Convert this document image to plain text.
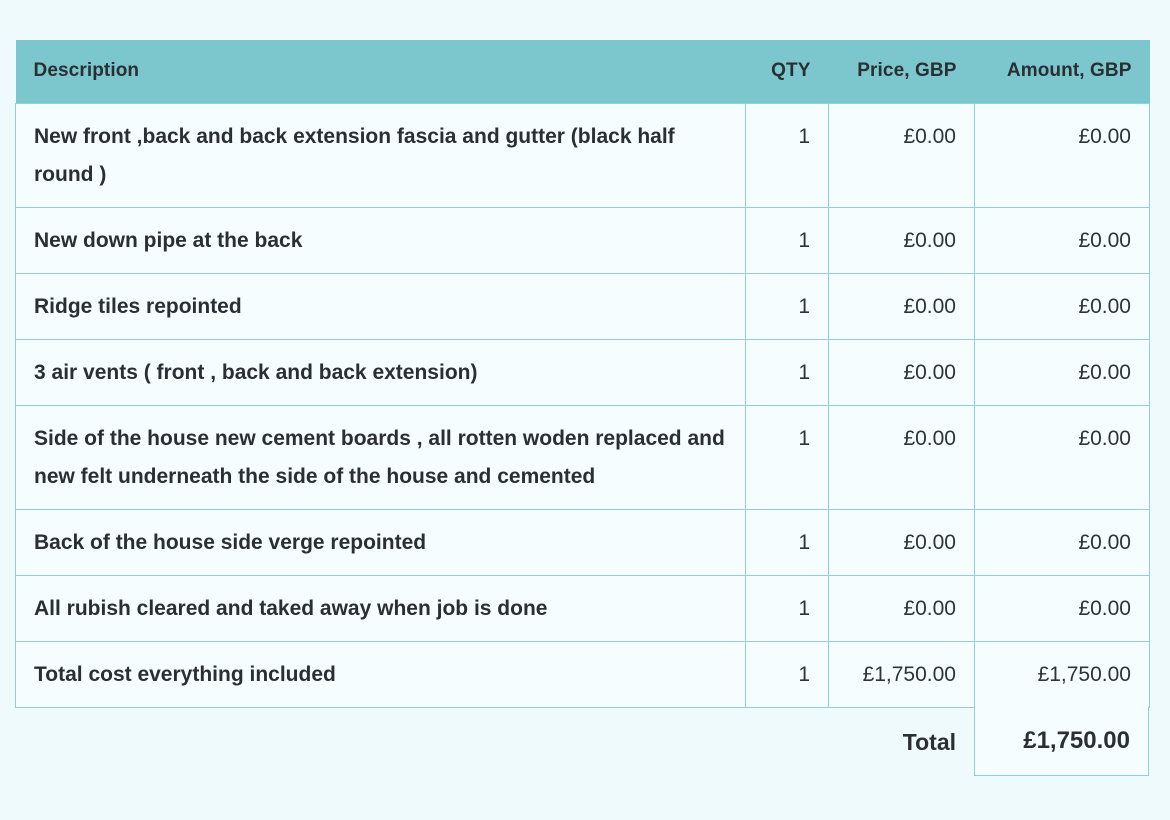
Description	QTY	Price, GBP	Amount, GBP
New front ,back and back extension fascia and gutter (black half round )	1	£0.00	£0.00
New down pipe at the back	1	£0.00	£0.00
Ridge tiles repointed	1	£0.00	£0.00
3 air vents ( front , back and back extension)	1	£0.00	£0.00
Side of the house new cement boards , all rotten woden replaced and new felt underneath the side of the house and cemented	1	£0.00	£0.00
Back of the house side verge repointed	1	£0.00	£0.00
All rubish cleared and taked away when job is done	1	£0.00	£0.00
Total cost everything included	1	£1,750.00	£1,750.00
Total	£1,750.00
